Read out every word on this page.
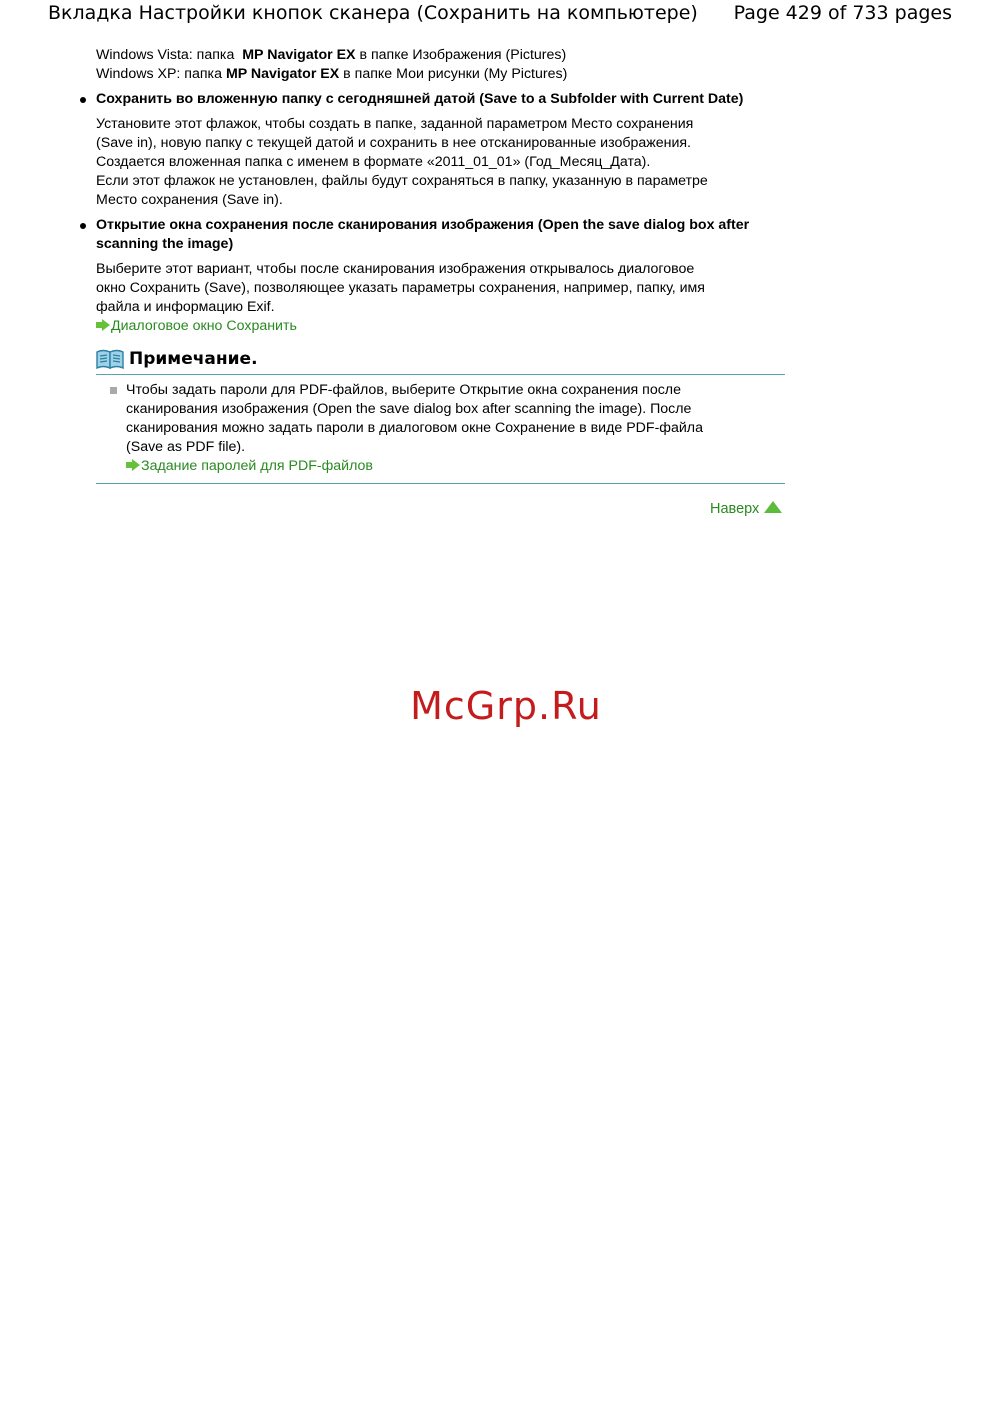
Вкладка Настройки кнопок сканера (Сохранить на компьютере) Page 429 of 733 pages
Windows Vista: папка MP Navigator EX в папке Изображения (Pictures)
Windows XP: папка MP Navigator EX в папке Мои рисунки (My Pictures)
Сохранить во вложенную папку с сегодняшней датой (Save to a Subfolder with Current Date)
Установите этот флажок, чтобы создать в папке, заданной параметром Место сохранения
(Save in), новую папку с текущей датой и сохранить в нее отсканированные изображения.
Создается вложенная папка с именем в формате «2011_01_01» (Год_Месяц_Дата).
Если этот флажок не установлен, файлы будут сохраняться в папку, указанную в параметре
Место сохранения (Save in).
Открытие окна сохранения после сканирования изображения (Open the save dialog box after
scanning the image)
Выберите этот вариант, чтобы после сканирования изображения открывалось диалоговое
окно Сохранить (Save), позволяющее указать параметры сохранения, например, папку, имя
файла и информацию Exif.
Диалоговое окно Сохранить
Примечание.
Чтобы задать пароли для PDF-файлов, выберите Открытие окна сохранения после
сканирования изображения (Open the save dialog box after scanning the image). После
сканирования можно задать пароли в диалоговом окне Сохранение в виде PDF-файла
(Save as PDF file).
Задание паролей для PDF-файлов
Наверх
McGrp.Ru
